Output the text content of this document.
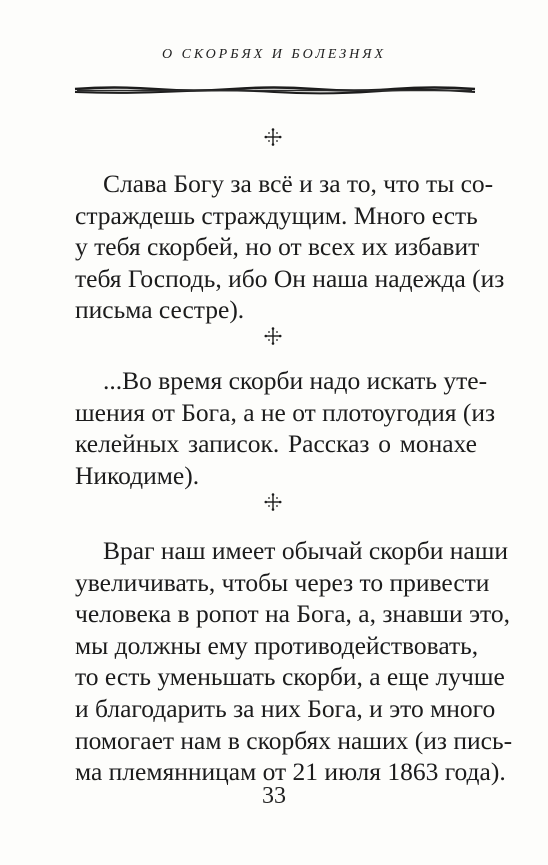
О СКОРБЯХ И БОЛЕЗНЯХ
Слава Богу за всё и за то, что ты со-
страждешь страждущим. Много есть
у тебя скорбей, но от всех их избавит
тебя Господь, ибо Он наша надежда (из
письма сестре).
...Во время скорби надо искать уте-
шения от Бога, а не от плотоугодия (из
келейных записок. Рассказ о монахе
Никодиме).
Враг наш имеет обычай скорби наши
увеличивать, чтобы через то привести
человека в ропот на Бога, а, знавши это,
мы должны ему противодействовать,
то есть уменьшать скорби, а еще лучше
и благодарить за них Бога, и это много
помогает нам в скорбях наших (из пись-
ма племянницам от 21 июля 1863 года).
33
